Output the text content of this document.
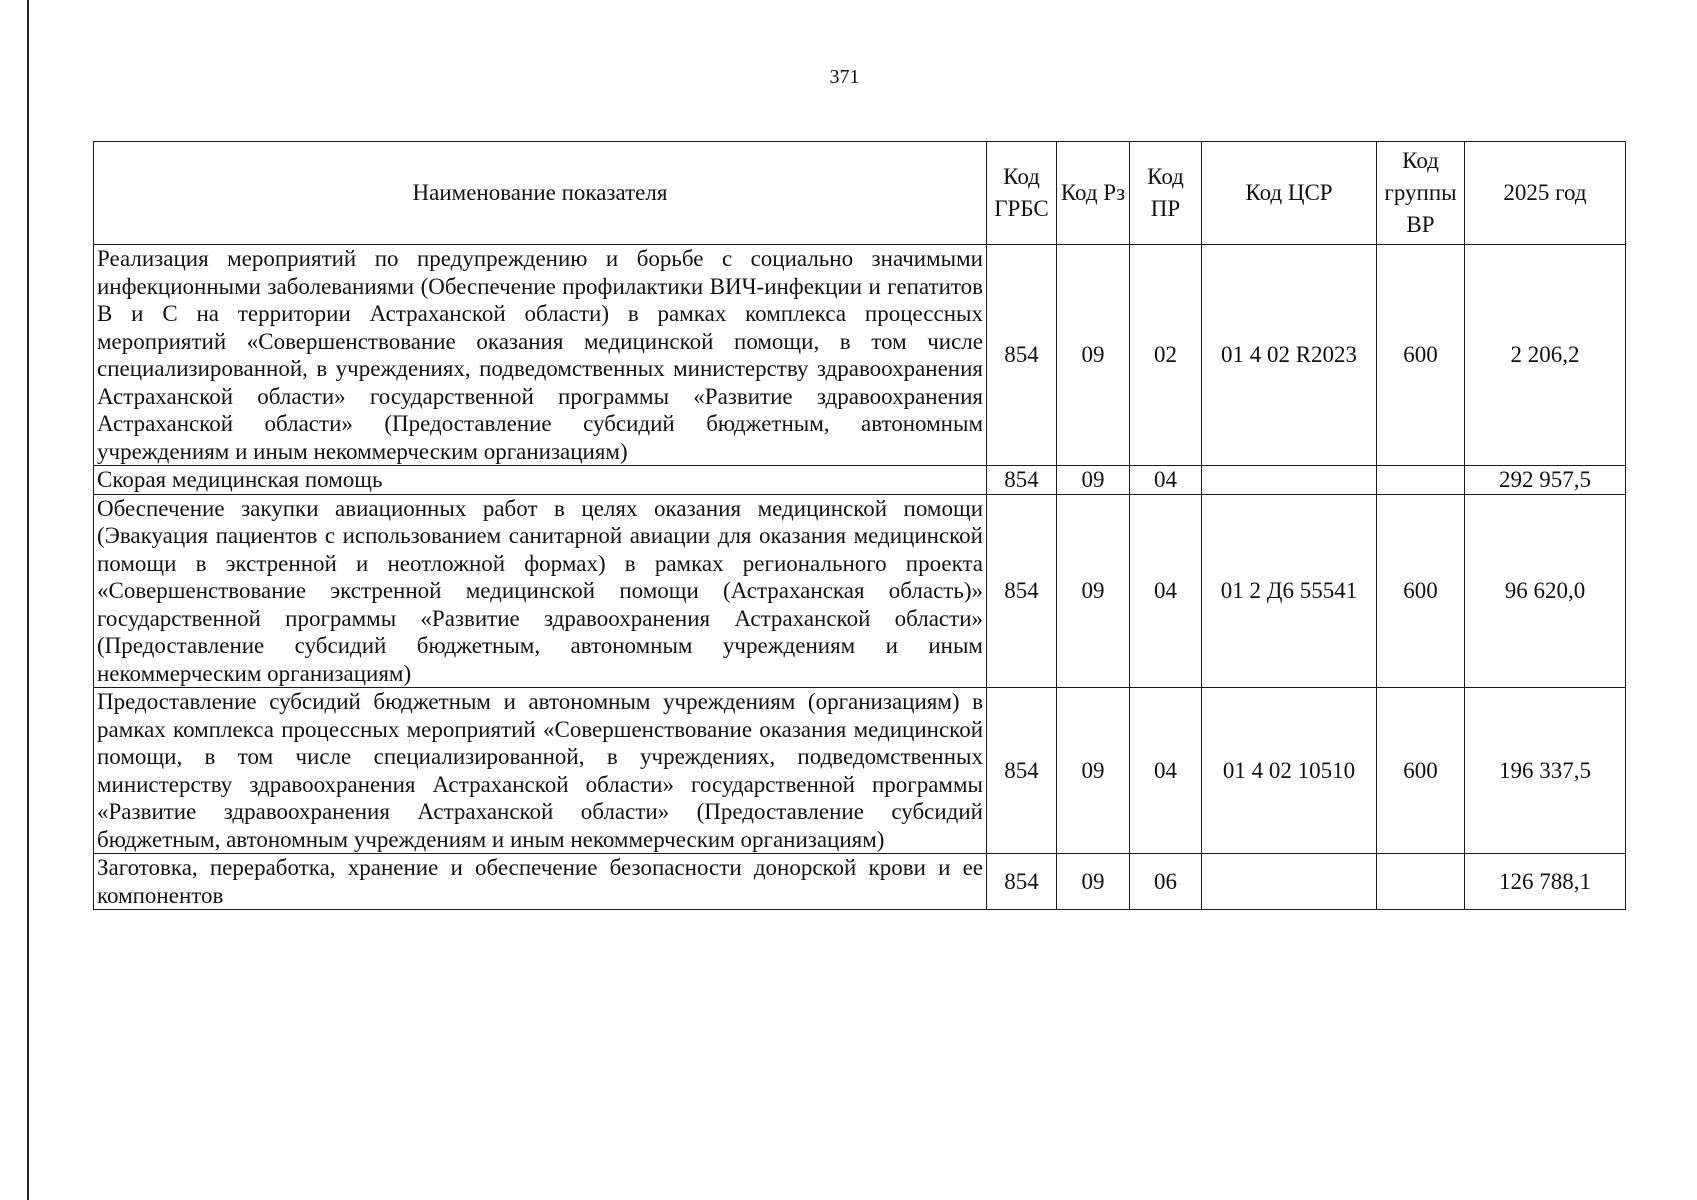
371
Наименование показателя	Код ГРБС	Код Рз	Код ПР	Код ЦСР	Код группы ВР	2025 год
Реализация мероприятий по предупреждению и борьбе с социально значимыми инфекционными заболеваниями (Обеспечение профилактики ВИЧ-инфекции и гепатитов В и С на территории Астраханской области) в рамках комплекса процессных мероприятий «Совершенствование оказания медицинской помощи, в том числе специализированной, в учреждениях, подведомственных министерству здравоохранения Астраханской области» государственной программы «Развитие здравоохранения Астраханской области» (Предоставление субсидий бюджетным, автономным учреждениям и иным некоммерческим организациям)	854	09	02	01 4 02 R2023	600	2 206,2
Скорая медицинская помощь	854	09	04			292 957,5
Обеспечение закупки авиационных работ в целях оказания медицинской помощи (Эвакуация пациентов с использованием санитарной авиации для оказания медицинской помощи в экстренной и неотложной формах) в рамках регионального проекта «Совершенствование экстренной медицинской помощи (Астраханская область)» государственной программы «Развитие здравоохранения Астраханской области» (Предоставление субсидий бюджетным, автономным учреждениям и иным некоммерческим организациям)	854	09	04	01 2 Д6 55541	600	96 620,0
Предоставление субсидий бюджетным и автономным учреждениям (организациям) в рамках комплекса процессных мероприятий «Совершенствование оказания медицинской помощи, в том числе специализированной, в учреждениях, подведомственных министерству здравоохранения Астраханской области» государственной программы «Развитие здравоохранения Астраханской области» (Предоставление субсидий бюджетным, автономным учреждениям и иным некоммерческим организациям)	854	09	04	01 4 02 10510	600	196 337,5
Заготовка, переработка, хранение и обеспечение безопасности донорской крови и ее компонентов	854	09	06			126 788,1
